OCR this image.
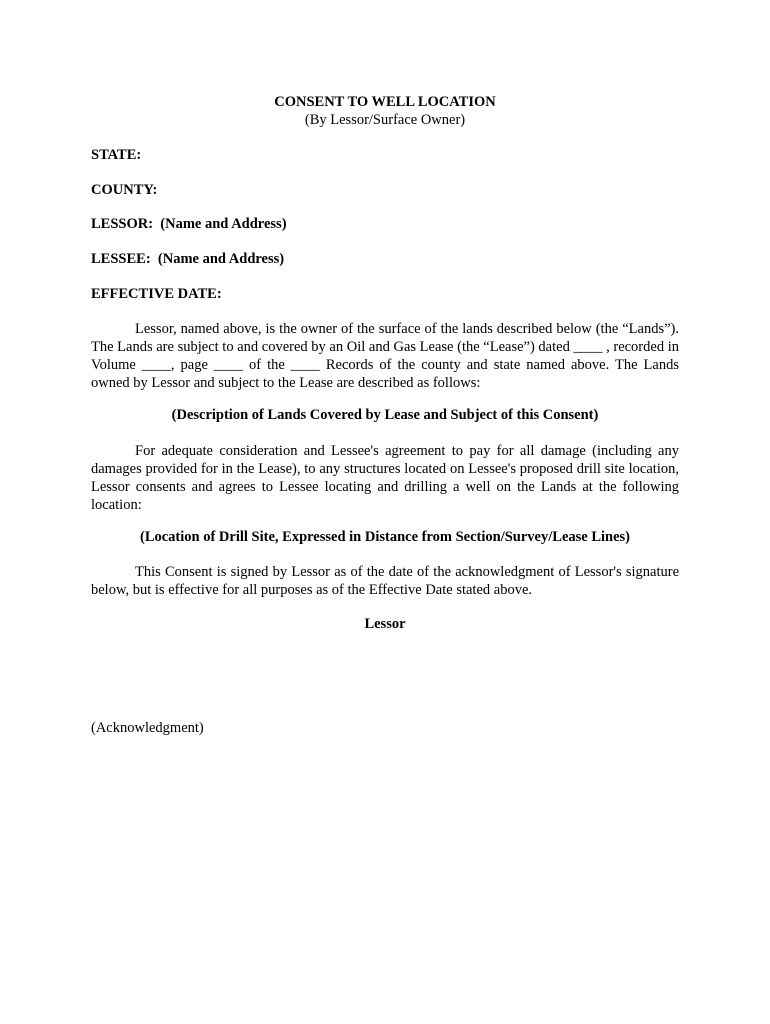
CONSENT TO WELL LOCATION
(By Lessor/Surface Owner)
STATE:
COUNTY:
LESSOR:  (Name and Address)
LESSEE:  (Name and Address)
EFFECTIVE DATE:
Lessor, named above, is the owner of the surface of the lands described below (the “Lands”). The Lands are subject to and covered by an Oil and Gas Lease (the “Lease”) dated ____ , recorded in Volume ____, page ____ of the ____ Records of the county and state named above. The Lands owned by Lessor and subject to the Lease are described as follows:
(Description of Lands Covered by Lease and Subject of this Consent)
For adequate consideration and Lessee's agreement to pay for all damage (including any damages provided for in the Lease), to any structures located on Lessee's proposed drill site location, Lessor consents and agrees to Lessee locating and drilling a well on the Lands at the following location:
(Location of Drill Site, Expressed in Distance from Section/Survey/Lease Lines)
This Consent is signed by Lessor as of the date of the acknowledgment of Lessor's signature below, but is effective for all purposes as of the Effective Date stated above.
Lessor
(Acknowledgment)
